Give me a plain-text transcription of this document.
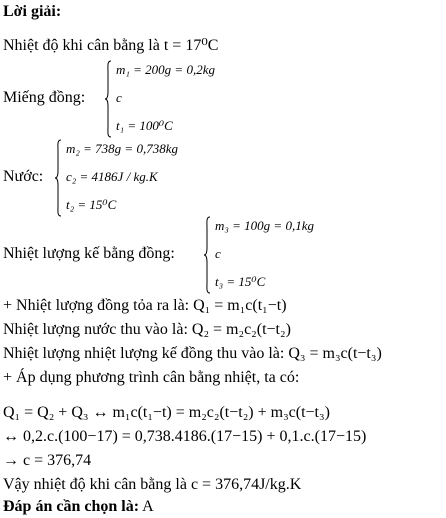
Lời giải:
Nhiệt độ khi cân bằng là t = 17⁰C
Miếng đồng:
m₁ = 200g = 0,2kg
c
t₁ = 100⁰C
Nước:
m₂ = 738g = 0,738kg
c₂ = 4186J / kg.K
t₂ = 15⁰C
Nhiệt lượng kế bằng đồng:
m₃ = 100g = 0,1kg
c
t₃ = 15⁰C
+ Nhiệt lượng đồng tỏa ra là: Q₁ = m₁c(t₁−t)
Nhiệt lượng nước thu vào là: Q₂ = m₂c₂(t−t₂)
Nhiệt lượng nhiệt lượng kế đồng thu vào là: Q₃ = m₃c(t−t₃)
+ Áp dụng phương trình cân bằng nhiệt, ta có:
Q₁ = Q₂ + Q₃ ↔ m₁c(t₁−t) = m₂c₂(t−t₂) + m₃c(t−t₃)
↔ 0,2.c.(100−17) = 0,738.4186.(17−15) + 0,1.c.(17−15)
→ c = 376,74
Vậy nhiệt độ khi cân bằng là c = 376,74J/kg.K
Đáp án cần chọn là: A
